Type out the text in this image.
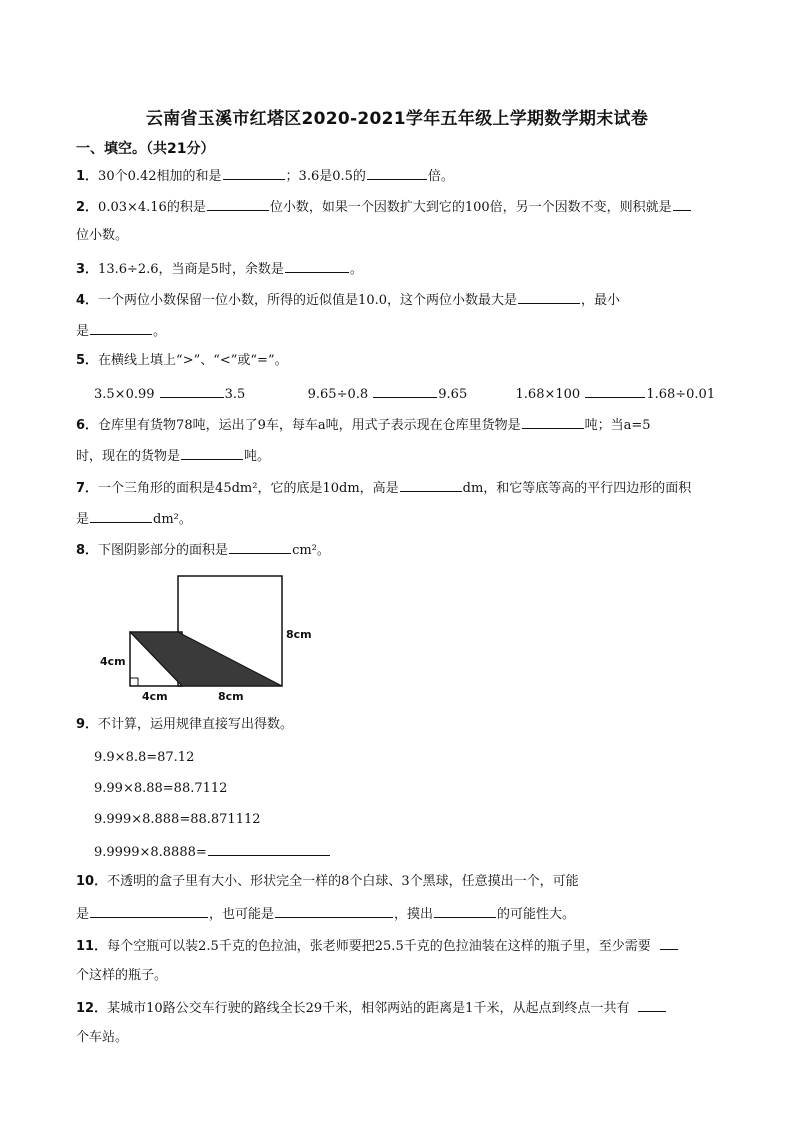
云南省玉溪市红塔区2020-2021学年五年级上学期数学期末试卷
一、填空。（共21分）
1．30个0.42相加的和是	；3.6是0.5的	倍。
2．0.03×4.16的积是	位小数，如果一个因数扩大到它的100倍，另一个因数不变，则积就是
位小数。
3．13.6÷2.6，当商是5时，余数是	。
4．一个两位小数保留一位小数，所得的近似值是10.0，这个两位小数最大是	，最小
是	。
5．在横线上填上“>”、“<”或“=”。
3.5×0.99	3.5	9.65÷0.8	9.65	1.68×100	1.68÷0.01
6．仓库里有货物78吨，运出了9车，每车a吨，用式子表示现在仓库里货物是	吨；当a=5
时，现在的货物是	吨。
7．一个三角形的面积是45dm²，它的底是10dm，高是	dm，和它等底等高的平行四边形的面积
是	dm²。
8．下图阴影部分的面积是	cm²。
4cm
8cm
4cm	8cm
9．不计算，运用规律直接写出得数。
9.9×8.8=87.12
9.99×8.88=88.7112
9.999×8.888=88.871112
9.9999×8.8888=
10．不透明的盒子里有大小、形状完全一样的8个白球、3个黑球，任意摸出一个，可能
是	，也可能是	，摸出	的可能性大。
11．每个空瓶可以装2.5千克的色拉油，张老师要把25.5千克的色拉油装在这样的瓶子里，至少需要
个这样的瓶子。
12．某城市10路公交车行驶的路线全长29千米，相邻两站的距离是1千米，从起点到终点一共有
个车站。
